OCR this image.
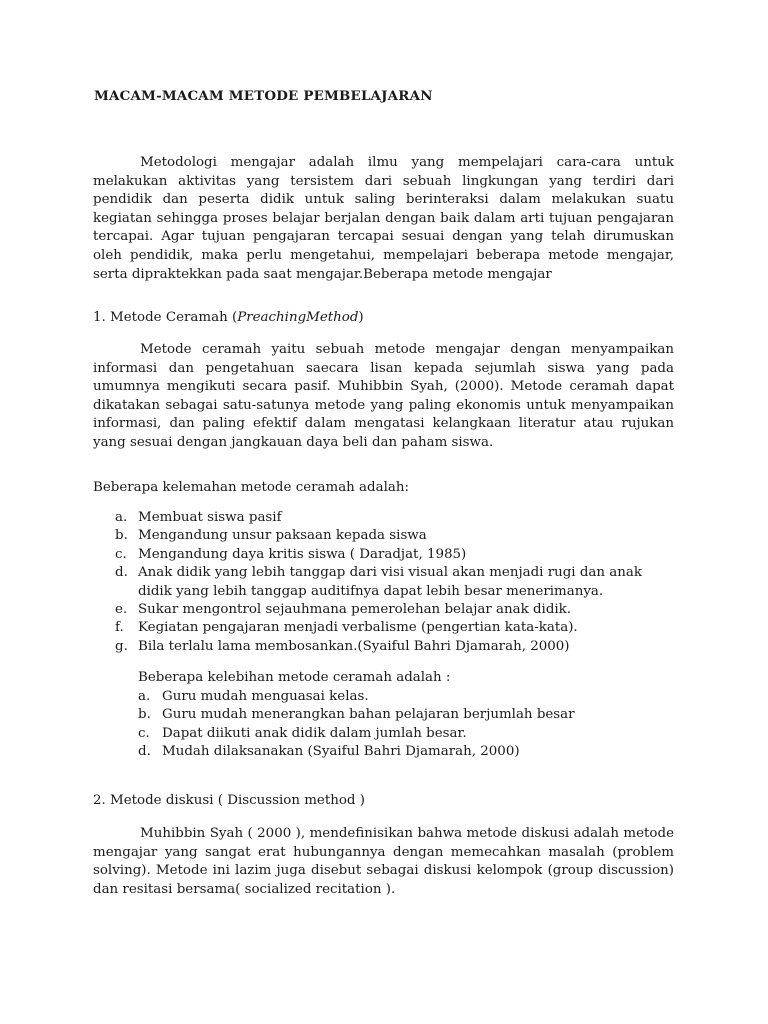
MACAM-MACAM METODE PEMBELAJARAN

Metodologi mengajar adalah ilmu yang mempelajari cara-cara untuk melakukan aktivitas yang tersistem dari sebuah lingkungan yang terdiri dari pendidik dan peserta didik untuk saling berinteraksi dalam melakukan suatu kegiatan sehingga proses belajar berjalan dengan baik dalam arti tujuan pengajaran tercapai. Agar tujuan pengajaran tercapai sesuai dengan yang telah dirumuskan oleh pendidik, maka perlu mengetahui, mempelajari beberapa metode mengajar, serta dipraktekkan pada saat mengajar.Beberapa metode mengajar

1. Metode Ceramah (PreachingMethod)

Metode ceramah yaitu sebuah metode mengajar dengan menyampaikan informasi dan pengetahuan saecara lisan kepada sejumlah siswa yang pada umumnya mengikuti secara pasif. Muhibbin Syah, (2000). Metode ceramah dapat dikatakan sebagai satu-satunya metode yang paling ekonomis untuk menyampaikan informasi, dan paling efektif dalam mengatasi kelangkaan literatur atau rujukan yang sesuai dengan jangkauan daya beli dan paham siswa.

Beberapa kelemahan metode ceramah adalah:

a. Membuat siswa pasif
b. Mengandung unsur paksaan kepada siswa
c. Mengandung daya kritis siswa ( Daradjat, 1985)
d. Anak didik yang lebih tanggap dari visi visual akan menjadi rugi dan anak didik yang lebih tanggap auditifnya dapat lebih besar menerimanya.
e. Sukar mengontrol sejauhmana pemerolehan belajar anak didik.
f. Kegiatan pengajaran menjadi verbalisme (pengertian kata-kata).
g. Bila terlalu lama membosankan.(Syaiful Bahri Djamarah, 2000)

Beberapa kelebihan metode ceramah adalah :

a. Guru mudah menguasai kelas.
b. Guru mudah menerangkan bahan pelajaran berjumlah besar
c. Dapat diikuti anak didik dalam jumlah besar.
d. Mudah dilaksanakan (Syaiful Bahri Djamarah, 2000)

2. Metode diskusi ( Discussion method )

Muhibbin Syah ( 2000 ), mendefinisikan bahwa metode diskusi adalah metode mengajar yang sangat erat hubungannya dengan memecahkan masalah (problem solving). Metode ini lazim juga disebut sebagai diskusi kelompok (group discussion) dan resitasi bersama( socialized recitation ).
